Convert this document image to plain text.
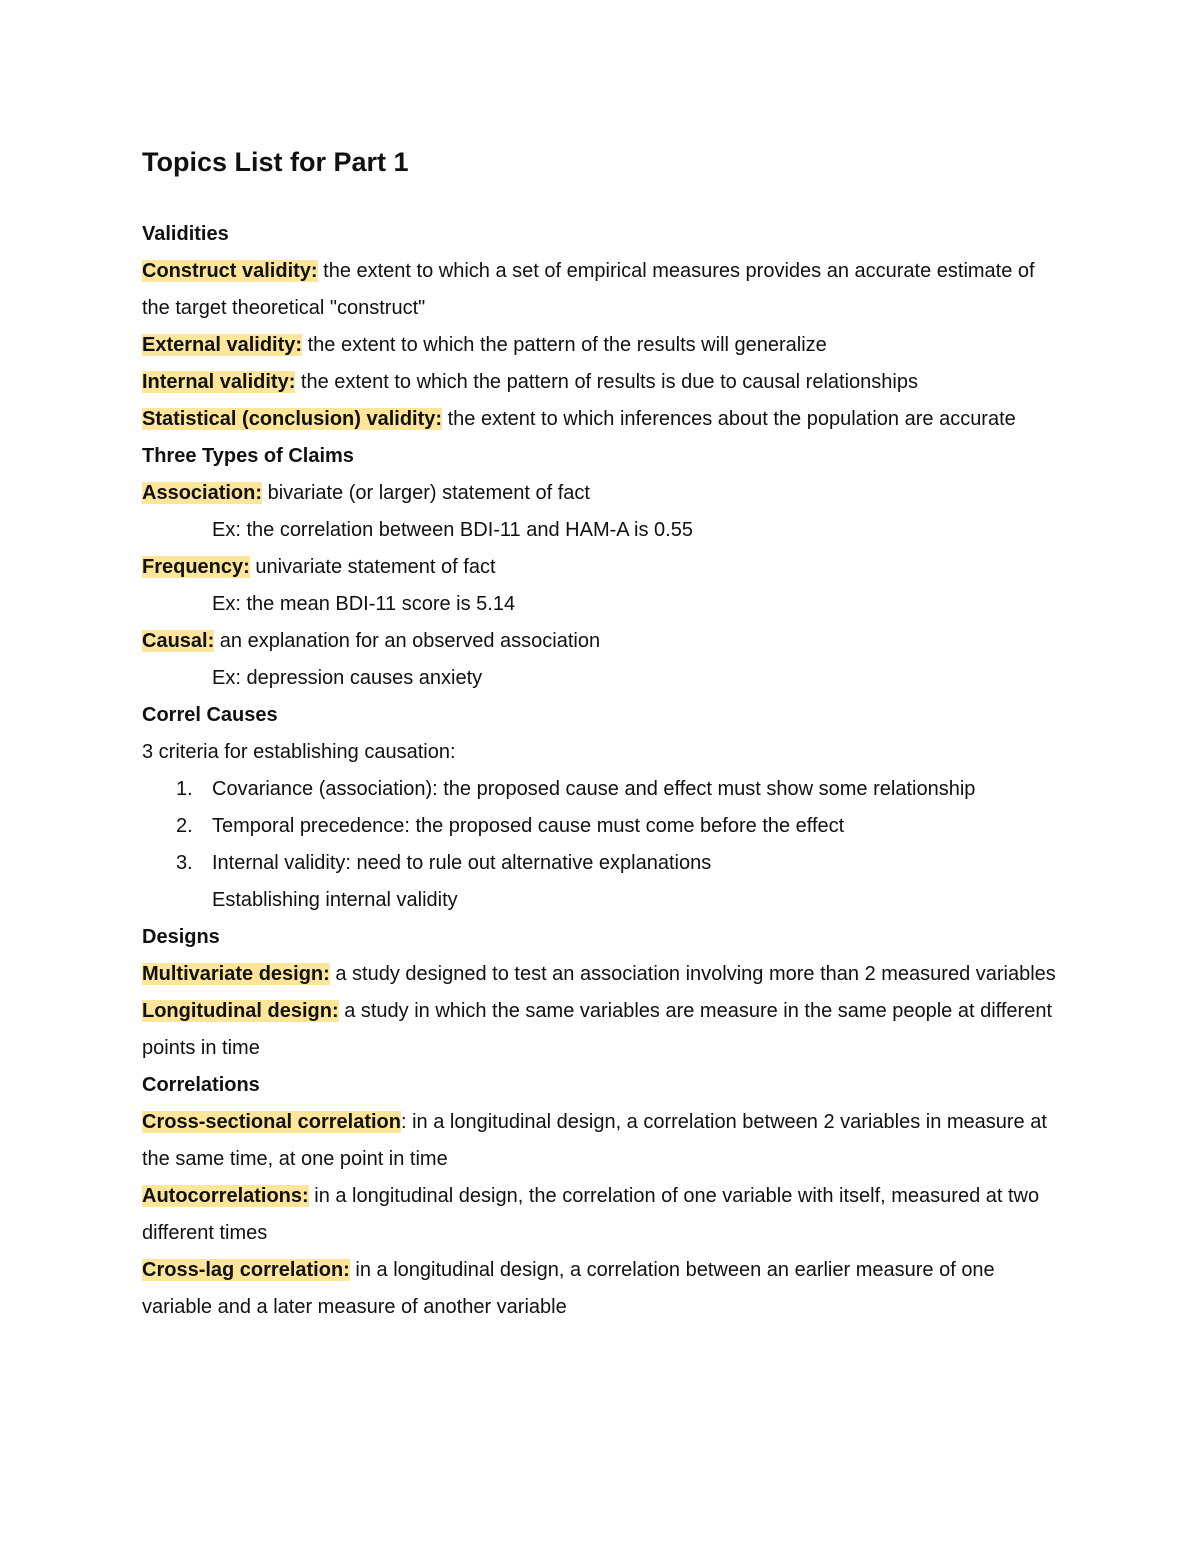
Topics List for Part 1

Validities

Construct validity: the extent to which a set of empirical measures provides an accurate estimate of the target theoretical "construct"

External validity: the extent to which the pattern of the results will generalize

Internal validity: the extent to which the pattern of results is due to causal relationships

Statistical (conclusion) validity: the extent to which inferences about the population are accurate

Three Types of Claims

Association: bivariate (or larger) statement of fact

Ex: the correlation between BDI-11 and HAM-A is 0.55

Frequency: univariate statement of fact

Ex: the mean BDI-11 score is 5.14

Causal: an explanation for an observed association

Ex: depression causes anxiety

Correl Causes

3 criteria for establishing causation:

1. Covariance (association): the proposed cause and effect must show some relationship

2. Temporal precedence: the proposed cause must come before the effect

3. Internal validity: need to rule out alternative explanations

Establishing internal validity

Designs

Multivariate design: a study designed to test an association involving more than 2 measured variables

Longitudinal design: a study in which the same variables are measure in the same people at different points in time

Correlations

Cross-sectional correlation: in a longitudinal design, a correlation between 2 variables in measure at the same time, at one point in time

Autocorrelations: in a longitudinal design, the correlation of one variable with itself, measured at two different times

Cross-lag correlation: in a longitudinal design, a correlation between an earlier measure of one variable and a later measure of another variable
